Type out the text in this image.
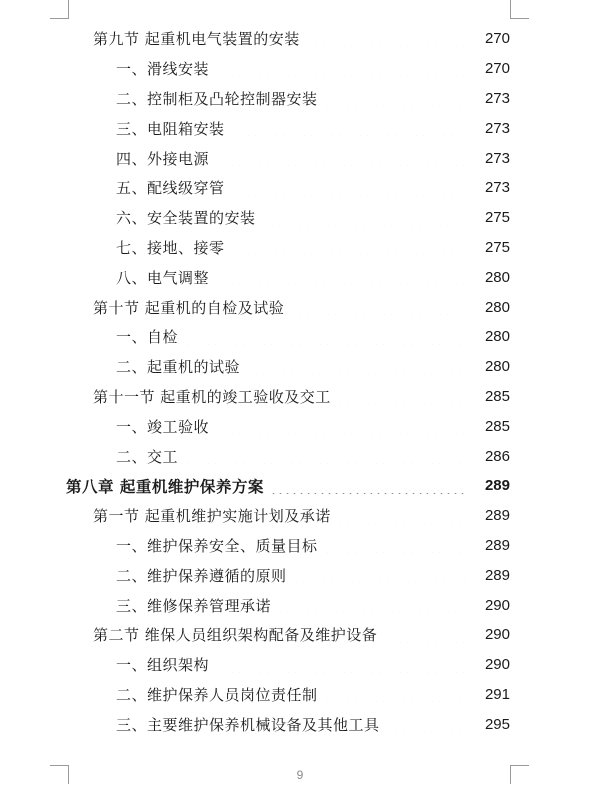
第九节 起重机电气装置的安装	270
一、滑线安装	270
二、控制柜及凸轮控制器安装	273
三、电阻箱安装	273
四、外接电源	273
五、配线级穿管	273
六、安全装置的安装	275
七、接地、接零	275
八、电气调整	280
第十节 起重机的自检及试验	280
一、自检	280
二、起重机的试验	280
第十一节 起重机的竣工验收及交工	285
一、竣工验收	285
二、交工	286
第八章 起重机维护保养方案	289
第一节 起重机维护实施计划及承诺	289
一、维护保养安全、质量目标	289
二、维护保养遵循的原则	289
三、维修保养管理承诺	290
第二节 维保人员组织架构配备及维护设备	290
一、组织架构	290
二、维护保养人员岗位责任制	291
三、主要维护保养机械设备及其他工具	295
9
